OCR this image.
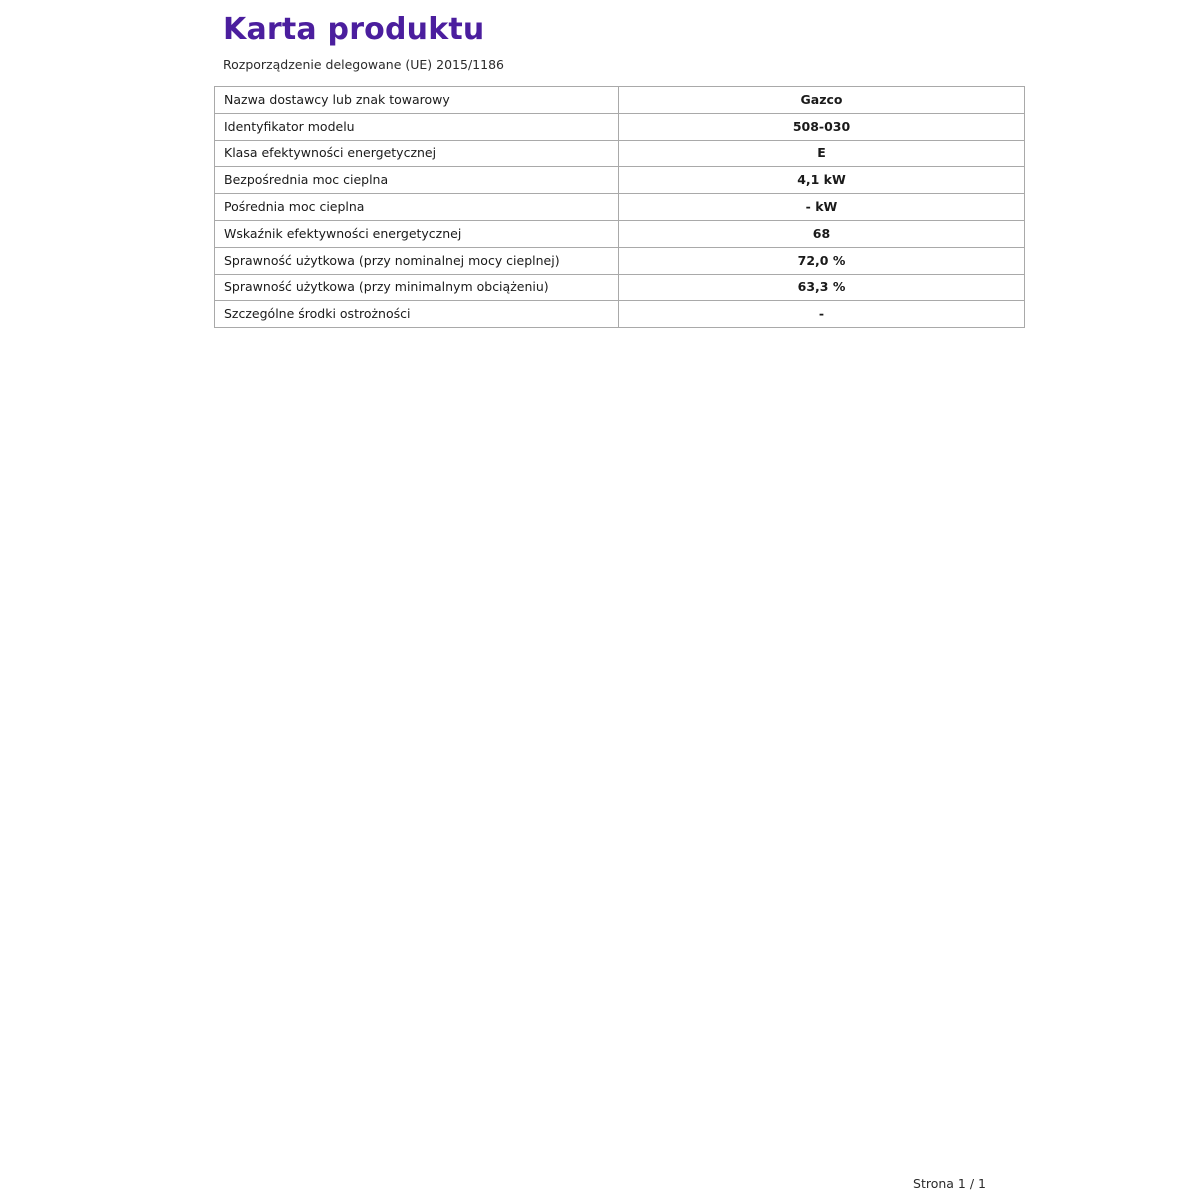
Karta produktu
Rozporządzenie delegowane (UE) 2015/1186
Nazwa dostawcy lub znak towarowy	Gazco
Identyfikator modelu	508-030
Klasa efektywności energetycznej	E
Bezpośrednia moc cieplna	4,1 kW
Pośrednia moc cieplna	- kW
Wskaźnik efektywności energetycznej	68
Sprawność użytkowa (przy nominalnej mocy cieplnej)	72,0 %
Sprawność użytkowa (przy minimalnym obciążeniu)	63,3 %
Szczególne środki ostrożności	-
Strona 1 / 1
